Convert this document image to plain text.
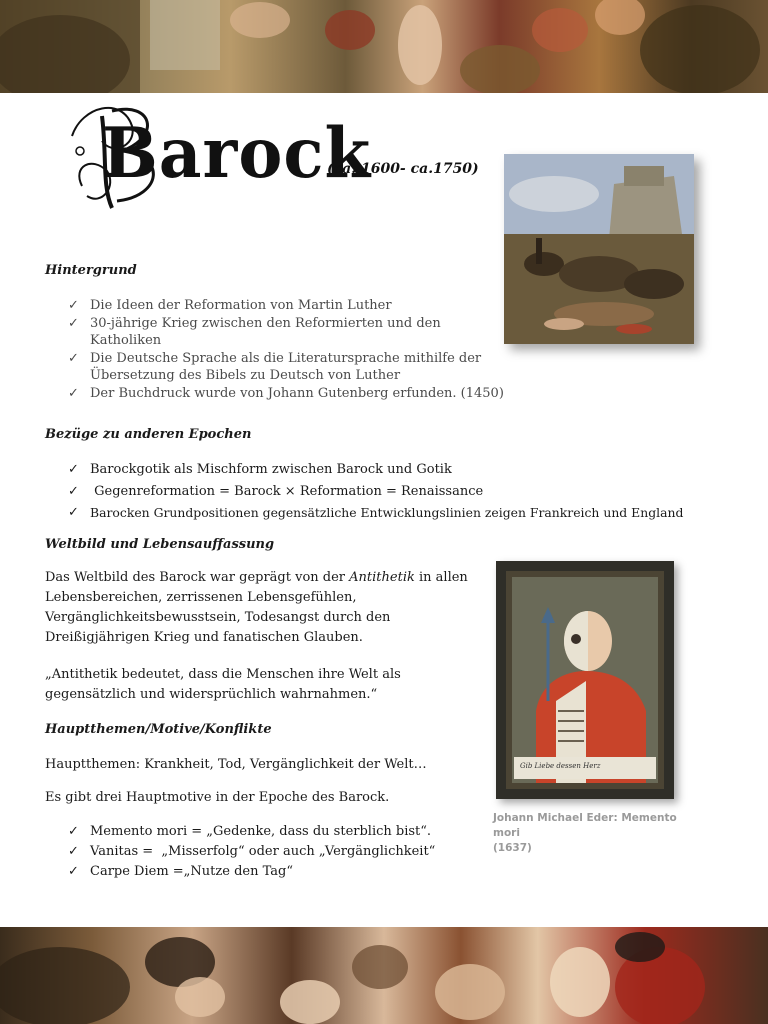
Barock
(ca. 1600- ca.1750)
Hintergrund
✓ Die Ideen der Reformation von Martin Luther
✓ 30-jährige Krieg zwischen den Reformierten und den
Katholiken
✓ Die Deutsche Sprache als die Literatursprache mithilfe der
Übersetzung des Bibels zu Deutsch von Luther
✓ Der Buchdruck wurde von Johann Gutenberg erfunden. (1450)
Bezüge zu anderen Epochen
✓ Barockgotik als Mischform zwischen Barock und Gotik
✓ Gegenreformation = Barock × Reformation = Renaissance
✓ Barocken Grundpositionen gegensätzliche Entwicklungslinien zeigen Frankreich und England
Weltbild und Lebensauffassung
Das Weltbild des Barock war geprägt von der Antithetik in allen
Lebensbereichen, zerrissenen Lebensgefühlen,
Vergänglichkeitsbewusstsein, Todesangst durch den
Dreißigjährigen Krieg und fanatischen Glauben.
„Antithetik bedeutet, dass die Menschen ihre Welt als
gegensätzlich und widersprüchlich wahrnahmen.“
Gib Liebe dessen Herz
Johann Michael Eder: Memento mori
(1637)
Hauptthemen/Motive/Konflikte
Hauptthemen: Krankheit, Tod, Vergänglichkeit der Welt…
Es gibt drei Hauptmotive in der Epoche des Barock.
✓ Memento mori = „Gedenke, dass du sterblich bist“.
✓ Vanitas =  „Misserfolg“ oder auch „Vergänglichkeit“
✓ Carpe Diem =„Nutze den Tag“
